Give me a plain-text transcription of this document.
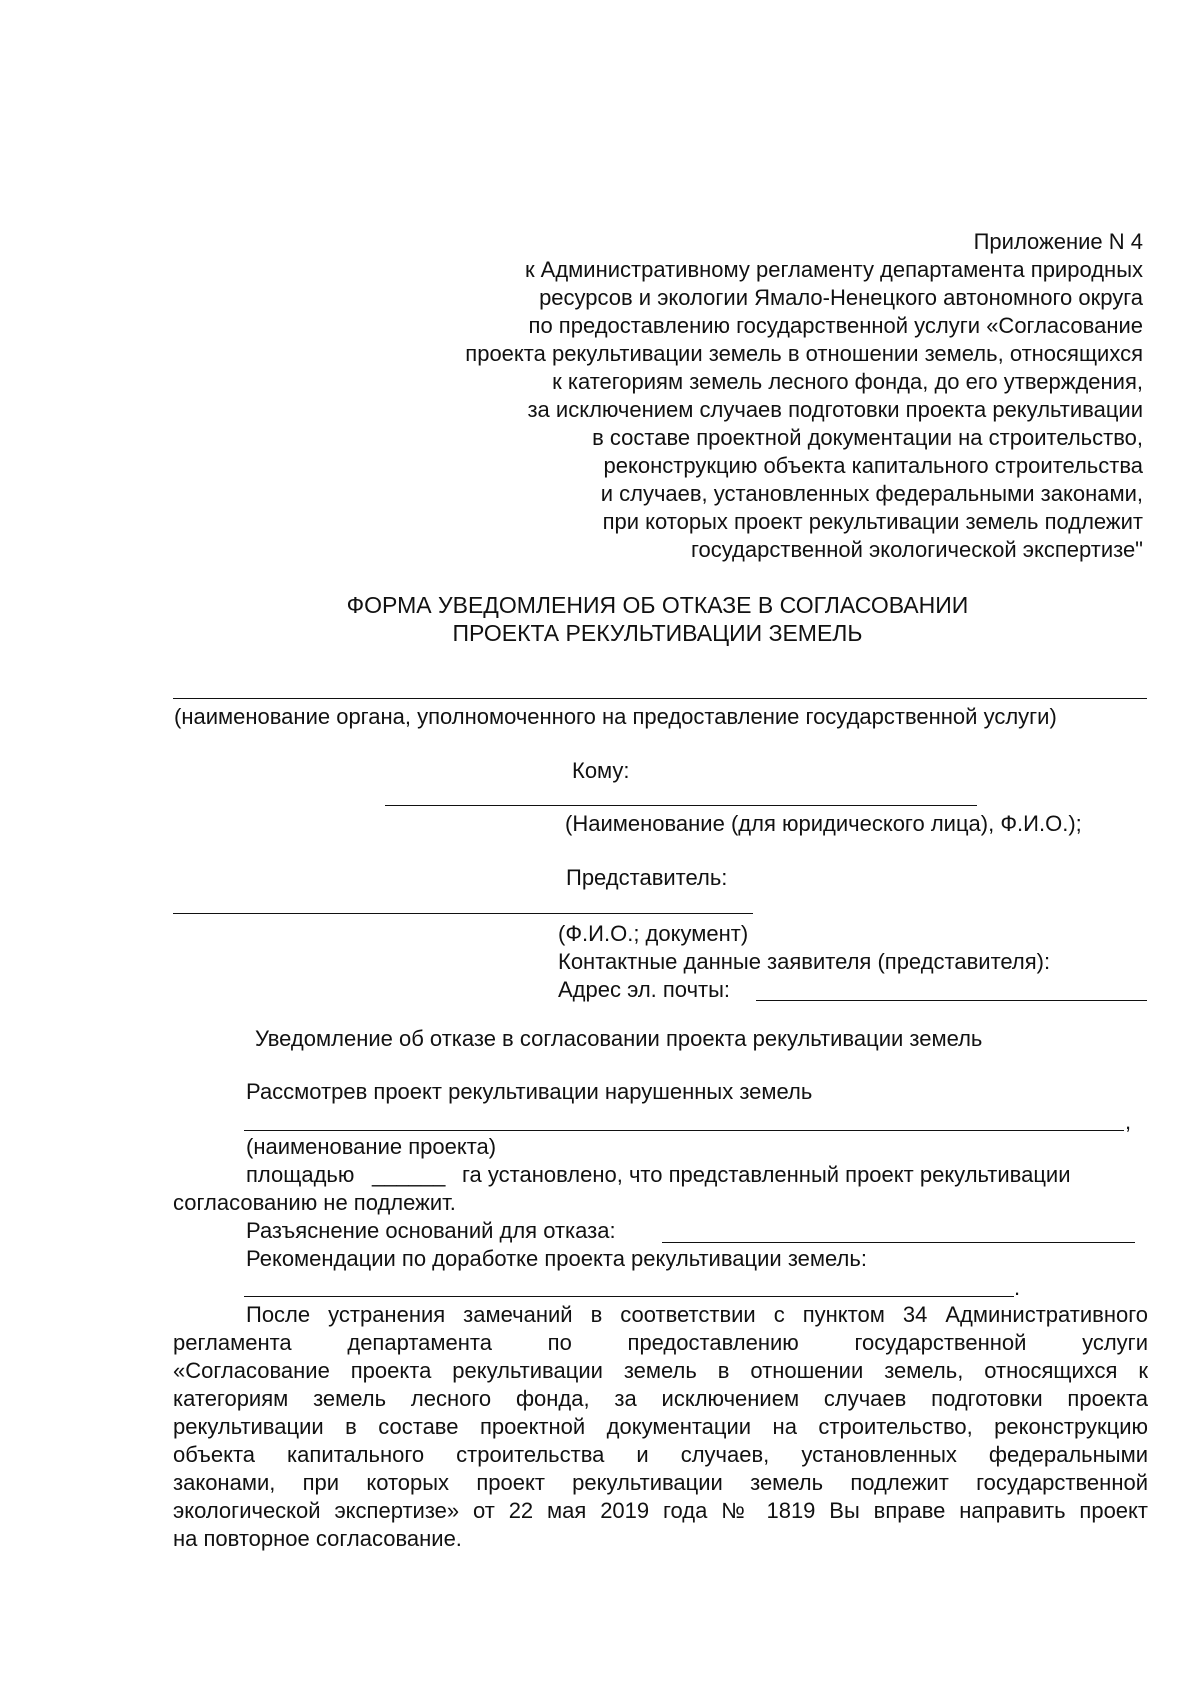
Приложение N 4
к Административному регламенту департамента природных
ресурсов и экологии Ямало-Ненецкого автономного округа
по предоставлению государственной услуги «Согласование
проекта рекультивации земель в отношении земель, относящихся
к категориям земель лесного фонда, до его утверждения,
за исключением случаев подготовки проекта рекультивации
в составе проектной документации на строительство,
реконструкцию объекта капитального строительства
и случаев, установленных федеральными законами,
при которых проект рекультивации земель подлежит
государственной экологической экспертизе"
ФОРМА УВЕДОМЛЕНИЯ ОБ ОТКАЗЕ В СОГЛАСОВАНИИ
ПРОЕКТА РЕКУЛЬТИВАЦИИ ЗЕМЕЛЬ
(наименование органа, уполномоченного на предоставление государственной услуги)
Кому:
(Наименование (для юридического лица), Ф.И.О.);
Представитель:
(Ф.И.О.; документ)
Контактные данные заявителя (представителя):
Адрес эл. почты:
Уведомление об отказе в согласовании проекта рекультивации земель
Рассмотрев проект рекультивации нарушенных земель
,
(наименование проекта)
площадью ______ га установлено, что представленный проект рекультивации
согласованию не подлежит.
Разъяснение оснований для отказа:
Рекомендации по доработке проекта рекультивации земель:
.
После устранения замечаний в соответствии с пунктом 34 Административного
регламента департамента по предоставлению государственной услуги
«Согласование проекта рекультивации земель в отношении земель, относящихся к
категориям земель лесного фонда, за исключением случаев подготовки проекта
рекультивации в составе проектной документации на строительство, реконструкцию
объекта капитального строительства и случаев, установленных федеральными
законами, при которых проект рекультивации земель подлежит государственной
экологической экспертизе» от 22 мая 2019 года № 1819 Вы вправе направить проект
на повторное согласование.
